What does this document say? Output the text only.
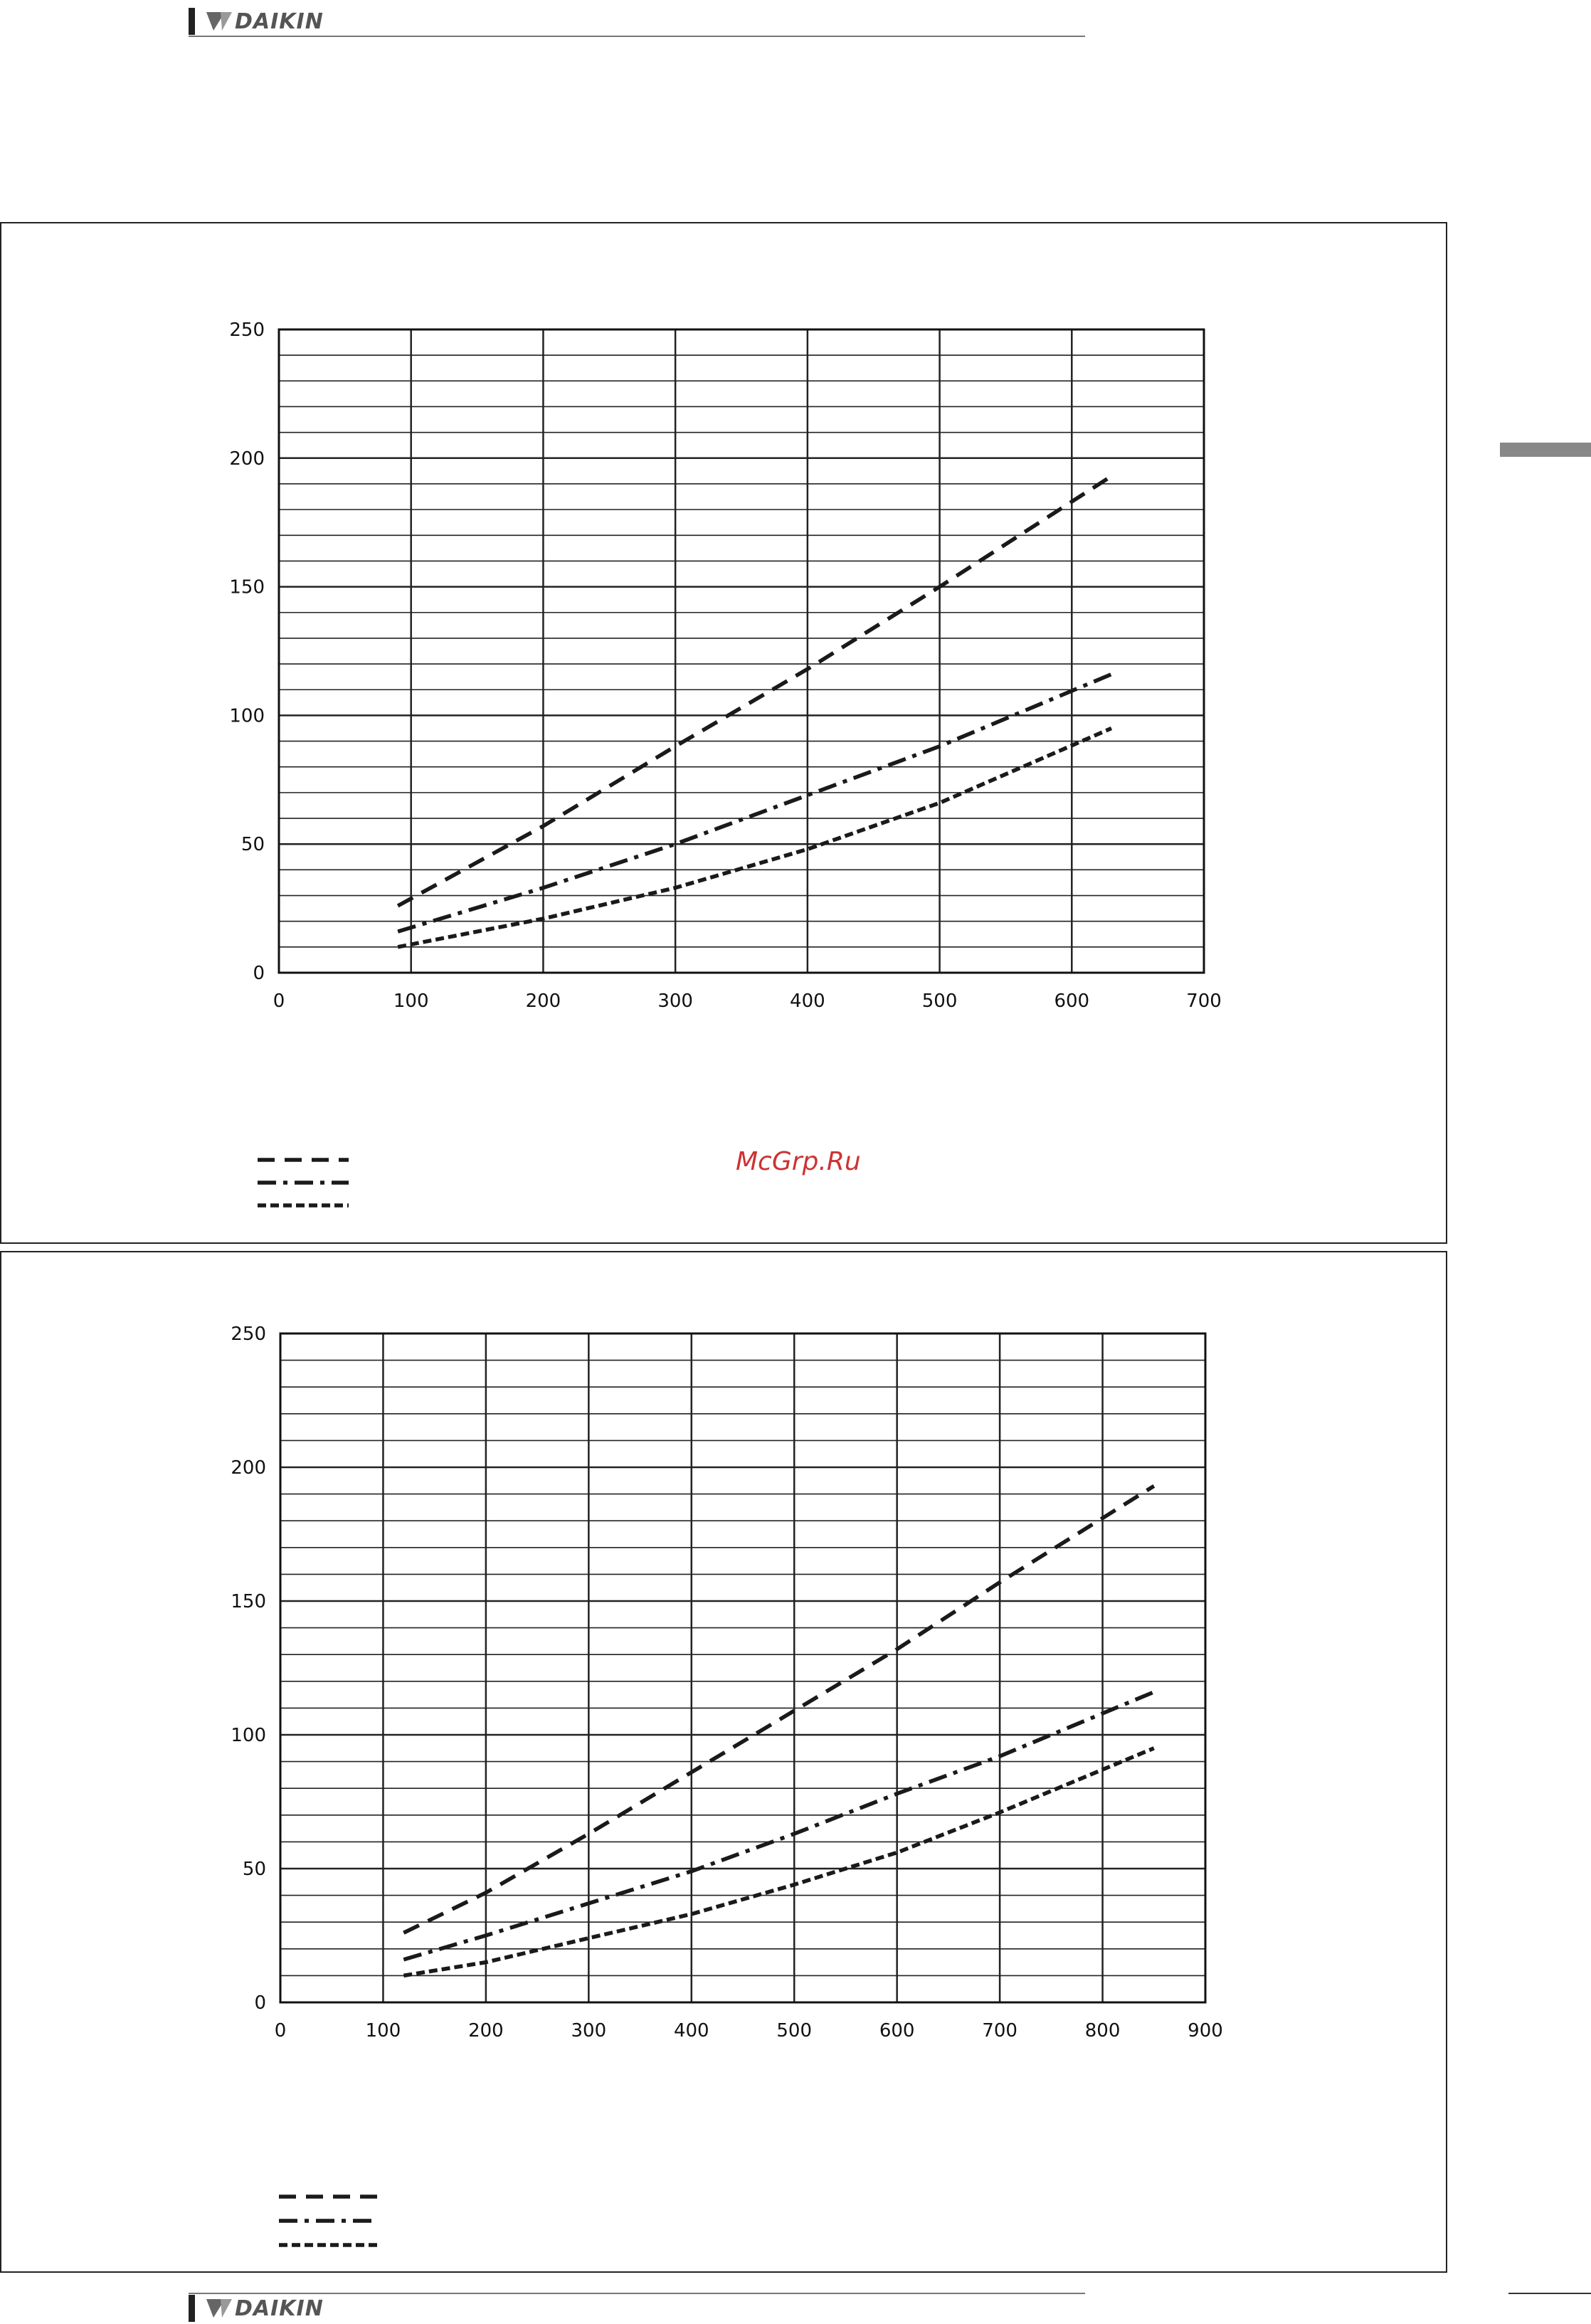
DAIKIN
0
50
100
150
200
250
0	100	200	300	400	500	600	700
McGrp.Ru
0
50
100
150
200
250
0	100	200	300	400	500	600	700	800	900
DAIKIN
